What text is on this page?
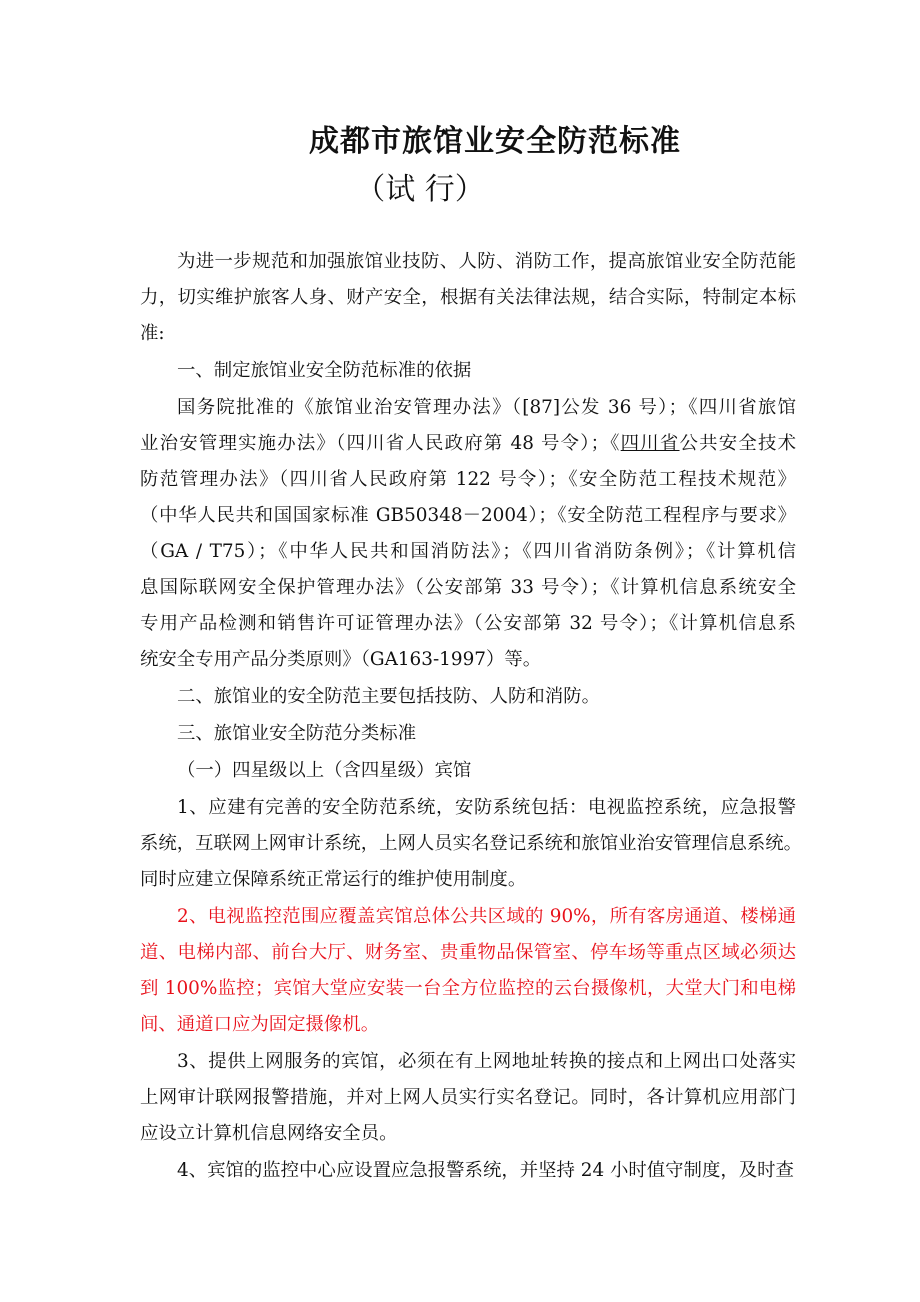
成都市旅馆业安全防范标准
（试 行）
为进一步规范和加强旅馆业技防、人防、消防工作，提高旅馆业安全防范能
力，切实维护旅客人身、财产安全，根据有关法律法规，结合实际，特制定本标
准:
一、制定旅馆业安全防范标准的依据
国务院批准的《旅馆业治安管理办法》（[87]公发 36 号）；《四川省旅馆
业治安管理实施办法》（四川省人民政府第 48 号令）；《四川省公共安全技术
防范管理办法》（四川省人民政府第 122 号令）；《安全防范工程技术规范》
（中华人民共和国国家标准 GB50348－2004）；《安全防范工程程序与要求》
（GA / T75）；《中华人民共和国消防法》；《四川省消防条例》；《计算机信
息国际联网安全保护管理办法》（公安部第 33 号令）；《计算机信息系统安全
专用产品检测和销售许可证管理办法》（公安部第 32 号令）；《计算机信息系
统安全专用产品分类原则》（GA163-1997）等。
二、旅馆业的安全防范主要包括技防、人防和消防。
三、旅馆业安全防范分类标准
（一）四星级以上（含四星级）宾馆
1、应建有完善的安全防范系统，安防系统包括：电视监控系统，应急报警
系统，互联网上网审计系统，上网人员实名登记系统和旅馆业治安管理信息系统。
同时应建立保障系统正常运行的维护使用制度。
2、电视监控范围应覆盖宾馆总体公共区域的 90%，所有客房通道、楼梯通
道、电梯内部、前台大厅、财务室、贵重物品保管室、停车场等重点区域必须达
到 100%监控；宾馆大堂应安装一台全方位监控的云台摄像机，大堂大门和电梯
间、通道口应为固定摄像机。
3、提供上网服务的宾馆，必须在有上网地址转换的接点和上网出口处落实
上网审计联网报警措施，并对上网人员实行实名登记。同时，各计算机应用部门
应设立计算机信息网络安全员。
4、宾馆的监控中心应设置应急报警系统，并坚持 24 小时值守制度，及时查
